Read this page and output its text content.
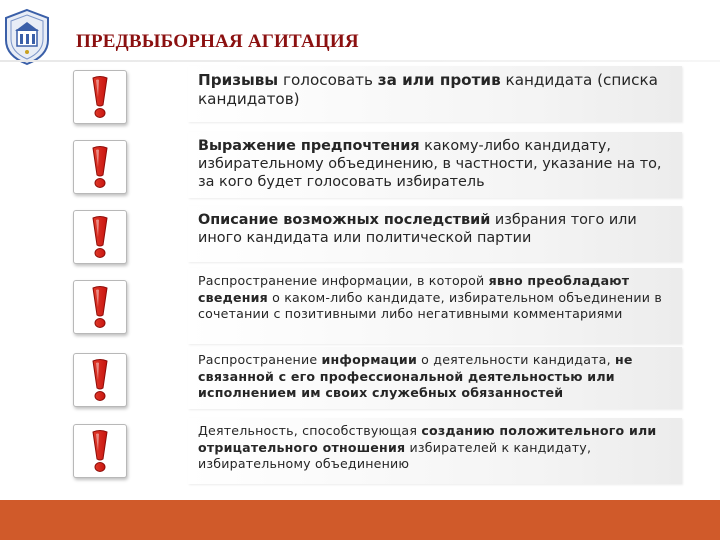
ПРЕДВЫБОРНАЯ АГИТАЦИЯ
Призывы голосовать за или против кандидата (списка кандидатов)
Выражение предпочтения какому-либо кандидату, избирательному объединению, в частности, указание на то, за кого будет голосовать избиратель
Описание возможных последствий избрания того или иного кандидата или политической партии
Распространение информации, в которой явно преобладают сведения о каком-либо кандидате, избирательном объединении в сочетании с позитивными либо негативными комментариями
Распространение информации о деятельности кандидата, не связанной с его профессиональной деятельностью или исполнением им своих служебных обязанностей
Деятельность, способствующая созданию положительного или отрицательного отношения избирателей к кандидату, избирательному объединению
